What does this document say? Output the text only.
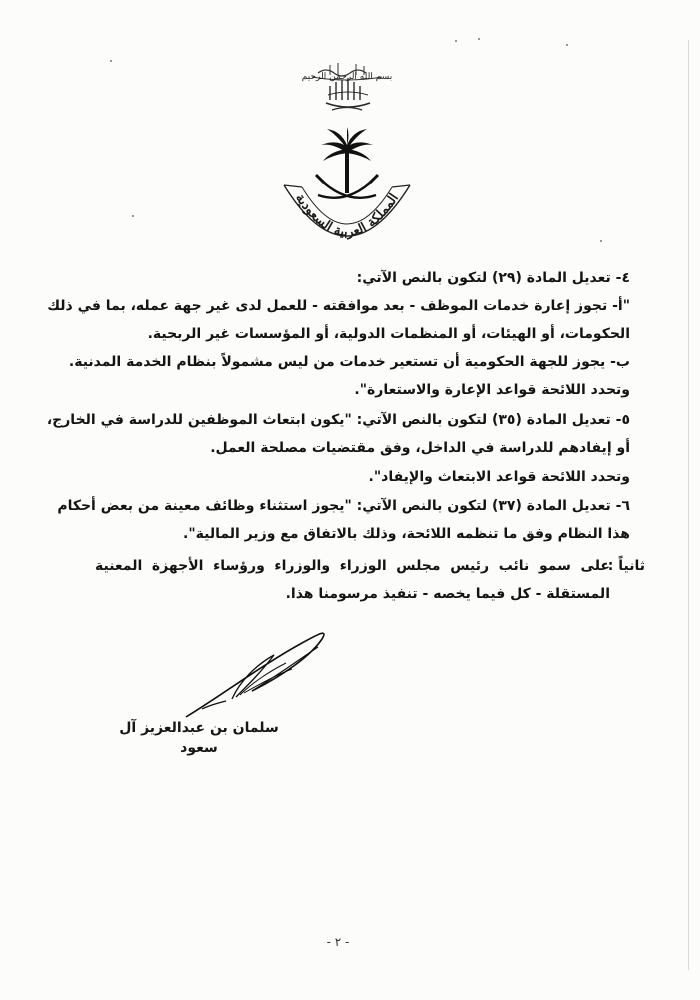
بسم الله الرحمن الرحيم
المملكة العربية السعودية
٤- تعديل المادة (٢٩) لتكون بالنص الآتي:
"أ- تجوز إعارة خدمات الموظف - بعد موافقته - للعمل لدى غير جهة عمله، بما في ذلك
الحكومات، أو الهيئات، أو المنظمات الدولية، أو المؤسسات غير الربحية.
ب- يجوز للجهة الحكومية أن تستعير خدمات من ليس مشمولاً بنظام الخدمة المدنية.
وتحدد اللائحة قواعد الإعارة والاستعارة".
٥- تعديل المادة (٣٥) لتكون بالنص الآتي: "يكون ابتعاث الموظفين للدراسة في الخارج،
أو إيفادهم للدراسة في الداخل، وفق مقتضيات مصلحة العمل.
وتحدد اللائحة قواعد الابتعاث والإيفاد".
٦- تعديل المادة (٣٧) لتكون بالنص الآتي: "يجوز استثناء وظائف معينة من بعض أحكام
هذا النظام وفق ما تنظمه اللائحة، وذلك بالاتفاق مع وزير المالية".
ثانياً :
على سمو نائب رئيس مجلس الوزراء والوزراء ورؤساء الأجهزة المعنية
المستقلة - كل فيما يخصه - تنفيذ مرسومنا هذا.
سلمان بن عبدالعزيز آل سعود
- ٢ -
